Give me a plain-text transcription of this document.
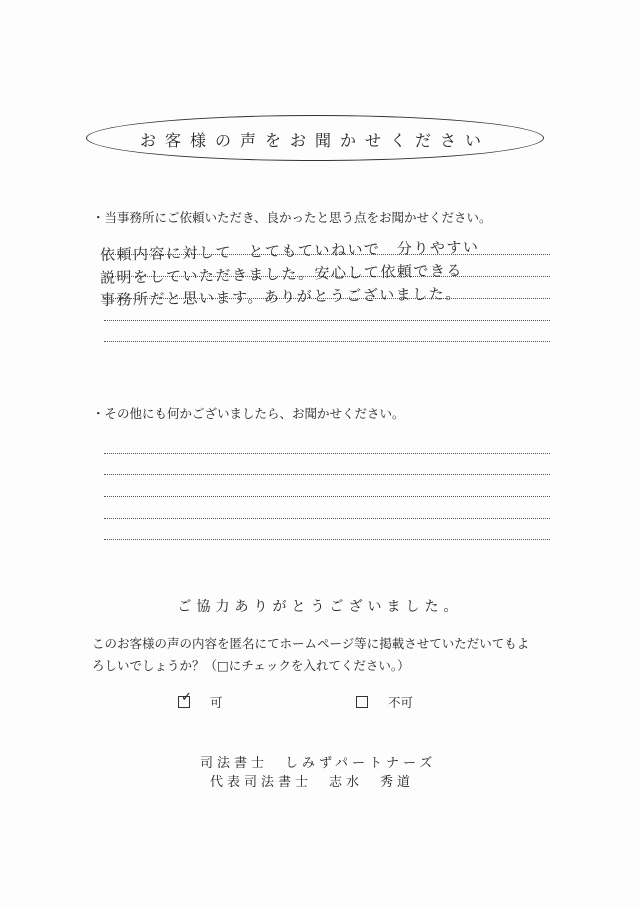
お客様の声をお聞かせください
・当事務所にご依頼いただき、良かったと思う点をお聞かせください。
依頼内容に対して　とてもていねいで　分りやすい
説明をしていただきました。安心して依頼できる
事務所だと思います。ありがとうございました。
・その他にも何かございましたら、お聞かせください。
ご協力ありがとうございました。
このお客様の声の内容を匿名にてホームページ等に掲載させていただいてもよ
ろしいでしょうか？（□にチェックを入れてください。）
✓ 可	不可
司法書士　しみずパートナーズ
代表司法書士　志水　秀道
